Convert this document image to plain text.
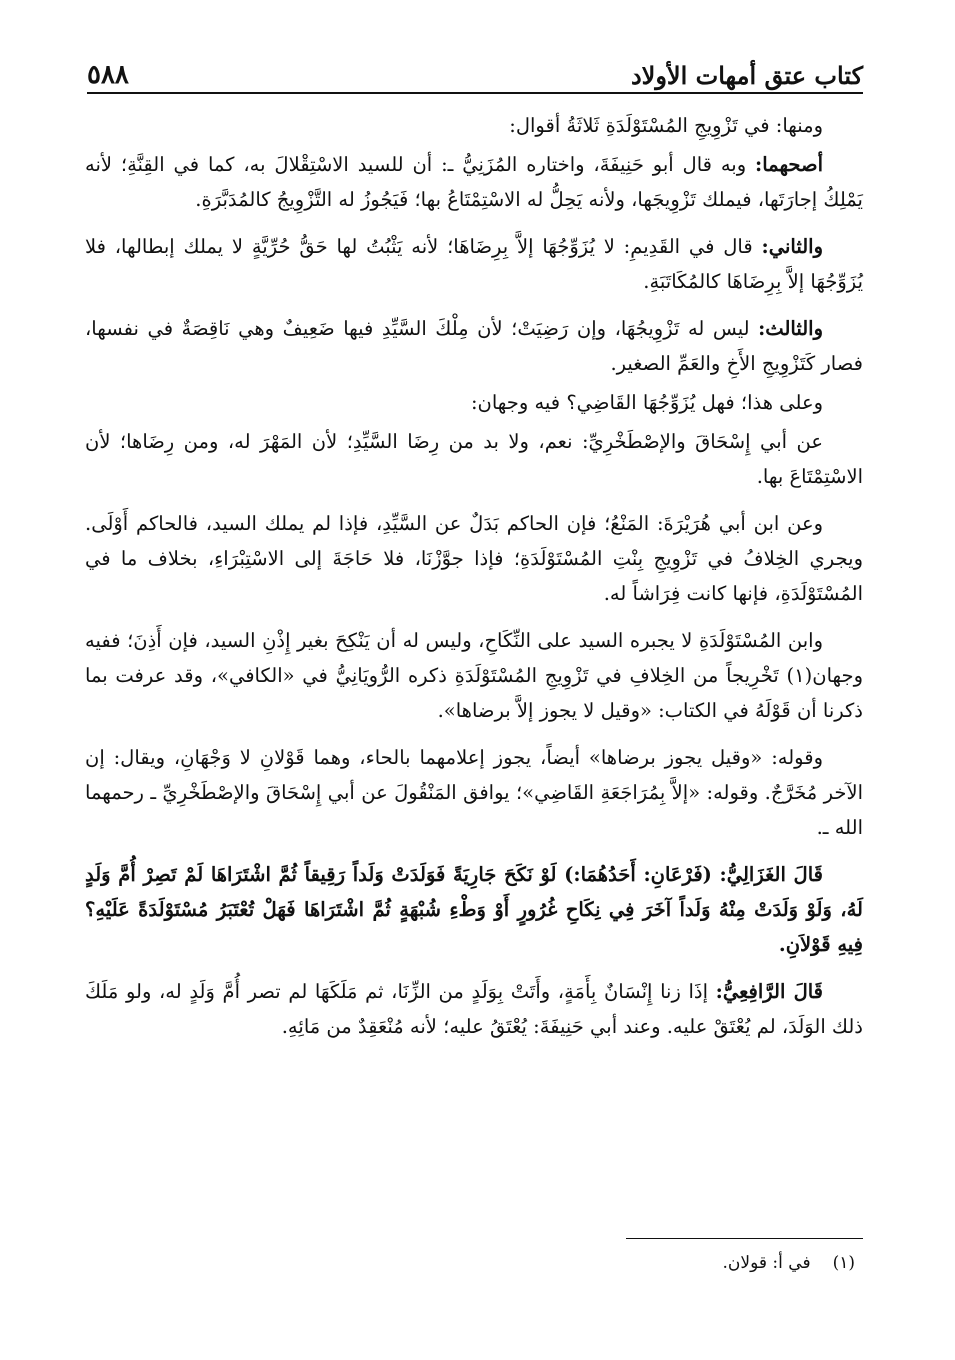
كتاب عتق أمهات الأولاد
٥٨٨

ومنها: في تَزْوِيجِ المُسْتَوْلَدَةِ ثَلاثَةُ أقوال:

أصحهما: وبه قال أبو حَنِيفَةَ، واختاره المُزَنِيُّ ـ: أن للسيد الاسْتِقْلالَ به، كما في القِنَّةِ؛ لأنه يَمْلِكُ إجارَتَها، فيملك تَزْوِيجَها، ولأنه يَحِلُّ له الاسْتِمْتَاعُ بها؛ فَيَجُوزُ له التَّزْوِيجُ كالمُدَبَّرَةِ.

والثاني: قال في القَدِيمِ: لا يُزَوِّجُهَا إلاَّ بِرِضَاهَا؛ لأنه يَثْبُتُ لها حَقُّ حُرِّيَّةٍ لا يملك إبطالها، فلا يُزَوِّجُهَا إلاَّ بِرِضَاهَا كالمُكَاتَبَةِ.

والثالث: ليس له تَزْوِيجُهَا، وإن رَضِيَتْ؛ لأن مِلْكَ السَّيِّدِ فيها ضَعِيفٌ وهي نَاقِصَةٌ في نفسها، فصار كَتَزْوِيجِ الأَخِ والعَمِّ الصغير.

وعلى هذا؛ فهل يُزَوِّجُهَا القَاضِي؟ فيه وجهان:

عن أبي إِسْحَاقَ والإصْطَخْرِيِّ: نعم، ولا بد من رِضَا السَّيِّدِ؛ لأن المَهْرَ له، ومن رِضَاها؛ لأن الاسْتِمْتَاعَ بها.

وعن ابن أبي هُرَيْرَةَ: المَنْعُ؛ فإن الحاكم بَدَلٌ عن السَّيِّدِ، فإذا لم يملك السيد، فالحاكم أَوْلَى. ويجري الخِلافُ في تَزْوِيجِ بِنْتِ المُسْتَوْلَدَةِ؛ فإذا جوَّزْنَا، فلا حَاجَةَ إلى الاسْتِبْرَاءِ، بخلاف ما في المُسْتَوْلَدَةِ، فإنها كانت فِرَاشاً له.

وابن المُسْتَوْلَدَةِ لا يجبره السيد على النِّكَاحِ، وليس له أن يَنْكِحَ بغير إِذْنِ السيد، فإن أَذِنَ؛ ففيه وجهان(١) تَخْرِيجاً من الخِلافِ في تَزْوِيجِ المُسْتَوْلَدَةِ ذكره الرُّويَانِيُّ في «الكافي»، وقد عرفت بما ذكرنا أن قَوْلَهُ في الكتاب: «وقيل لا يجوز إلاَّ برضاها».

وقوله: «وقيل يجوز برضاها» أيضاً، يجوز إعلامهما بالحاء، وهما قَوْلانِ لا وَجْهَانِ، ويقال: إن الآخر مُخَرَّجٌ. وقوله: «إلاَّ بِمُرَاجَعَةِ القَاضِي»؛ يوافق المَنْقُولَ عن أبي إِسْحَاقَ والإصْطَخْرِيِّ ـ رحمهما الله ـ.

قَالَ الغَزَالِيُّ: (فَرْعَانِ: أَحَدُهُمَا:) لَوْ نَكَحَ جَارِيَةً فَوَلَدَتْ وَلَداً رَقِيقاً ثُمَّ اشْتَرَاهَا لَمْ تَصِرْ أُمَّ وَلَدٍ لَهُ، وَلَوْ وَلَدَتْ مِنْهُ وَلَداً آخَرَ فِي نِكَاحِ غُرُورٍ أَوْ وَطْءِ شُبْهَةٍ ثُمَّ اشْتَرَاهَا فَهَلْ تُعْتَبَرُ مُسْتَوْلَدَةً عَلَيْهِ؟ فِيهِ قَوْلاَنِ.

قَالَ الرَّافِعِيُّ: إذَا زنا إِنْسَانٌ بِأَمَةٍ، وأَتَتْ بِوَلَدٍ من الزِّنَا، ثم مَلَكَهَا لم تصر أُمَّ وَلَدٍ له، ولو مَلَكَ ذلك الوَلَدَ، لم يُعْتَقْ عليه. وعند أبي حَنِيفَةَ: يُعْتَقُ عليه؛ لأنه مُنْعَقِدٌ من مَائِهِ.

(١)
في أ: قولان.
